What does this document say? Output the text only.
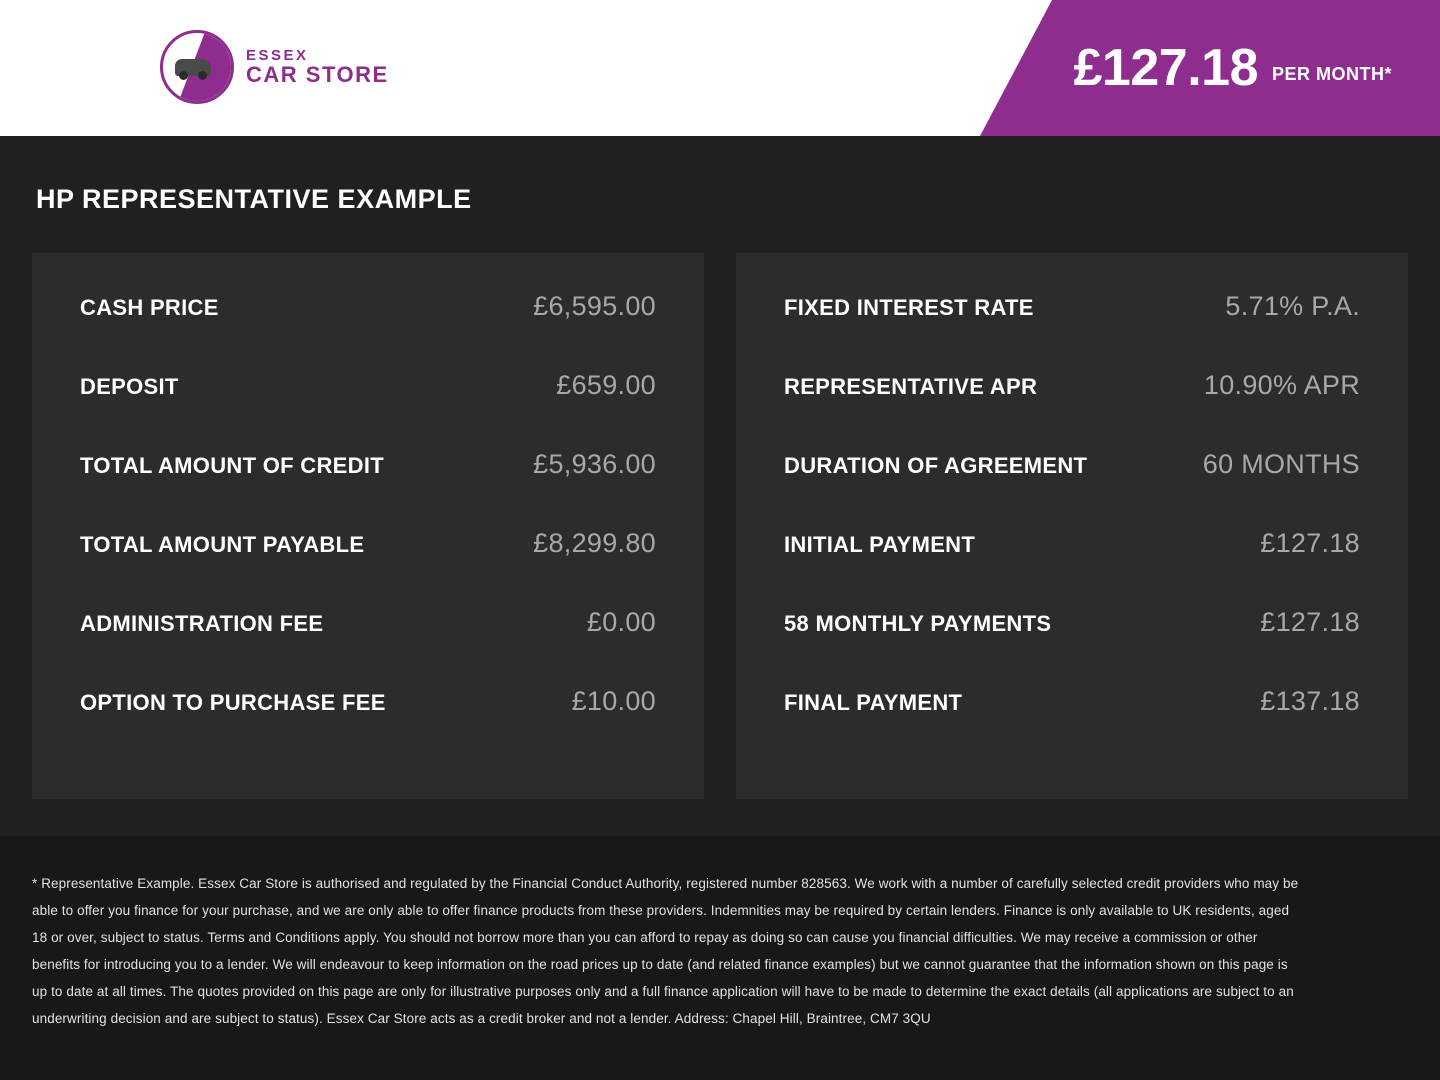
ESSEX
CAR STORE	£127.18 PER MONTH*
HP REPRESENTATIVE EXAMPLE
CASH PRICE	£6,595.00
DEPOSIT	£659.00
TOTAL AMOUNT OF CREDIT	£5,936.00
TOTAL AMOUNT PAYABLE	£8,299.80
ADMINISTRATION FEE	£0.00
OPTION TO PURCHASE FEE	£10.00
FIXED INTEREST RATE	5.71% P.A.
REPRESENTATIVE APR	10.90% APR
DURATION OF AGREEMENT	60 MONTHS
INITIAL PAYMENT	£127.18
58 MONTHLY PAYMENTS	£127.18
FINAL PAYMENT	£137.18

* Representative Example. Essex Car Store is authorised and regulated by the Financial Conduct Authority, registered number 828563. We work with a number of carefully selected credit providers who may be able to offer you finance for your purchase, and we are only able to offer finance products from these providers. Indemnities may be required by certain lenders. Finance is only available to UK residents, aged 18 or over, subject to status. Terms and Conditions apply. You should not borrow more than you can afford to repay as doing so can cause you financial difficulties. We may receive a commission or other benefits for introducing you to a lender. We will endeavour to keep information on the road prices up to date (and related finance examples) but we cannot guarantee that the information shown on this page is up to date at all times. The quotes provided on this page are only for illustrative purposes only and a full finance application will have to be made to determine the exact details (all applications are subject to an underwriting decision and are subject to status). Essex Car Store acts as a credit broker and not a lender. Address: Chapel Hill, Braintree, CM7 3QU
